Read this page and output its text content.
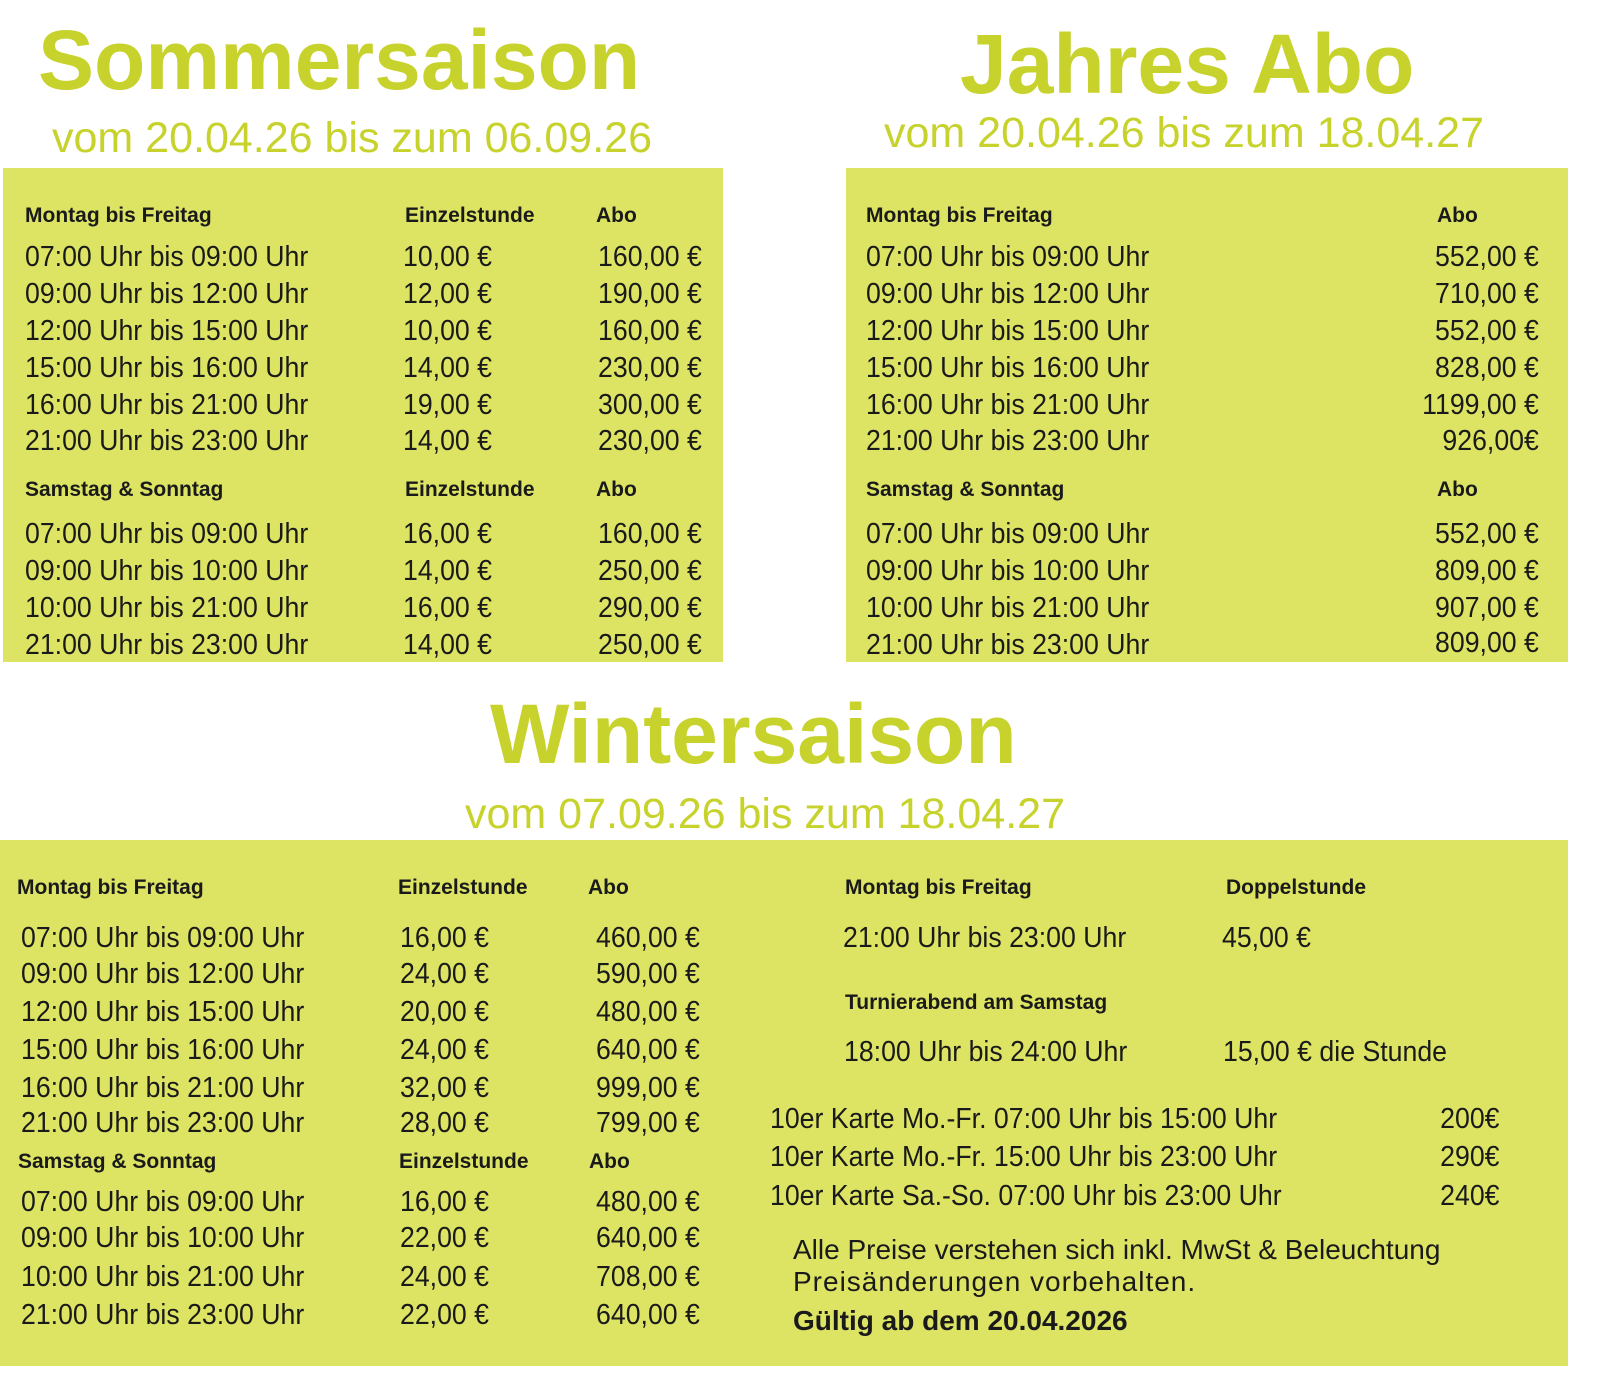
Sommersaison
vom 20.04.26 bis zum 06.09.26
Jahres Abo
vom 20.04.26 bis zum 18.04.27
Wintersaison
vom 07.09.26 bis zum 18.04.27
Montag bis Freitag	Einzelstunde	Abo
07:00 Uhr bis 09:00 Uhr	10,00 €	160,00 €
09:00 Uhr bis 12:00 Uhr	12,00 €	190,00 €
12:00 Uhr bis 15:00 Uhr	10,00 €	160,00 €
15:00 Uhr bis 16:00 Uhr	14,00 €	230,00 €
16:00 Uhr bis 21:00 Uhr	19,00 €	300,00 €
21:00 Uhr bis 23:00 Uhr	14,00 €	230,00 €
Samstag & Sonntag	Einzelstunde	Abo
07:00 Uhr bis 09:00 Uhr	16,00 €	160,00 €
09:00 Uhr bis 10:00 Uhr	14,00 €	250,00 €
10:00 Uhr bis 21:00 Uhr	16,00 €	290,00 €
21:00 Uhr bis 23:00 Uhr	14,00 €	250,00 €
Montag bis Freitag	Abo
07:00 Uhr bis 09:00 Uhr	552,00 €
09:00 Uhr bis 12:00 Uhr	710,00 €
12:00 Uhr bis 15:00 Uhr	552,00 €
15:00 Uhr bis 16:00 Uhr	828,00 €
16:00 Uhr bis 21:00 Uhr	1199,00 €
21:00 Uhr bis 23:00 Uhr	926,00€
Samstag & Sonntag	Abo
07:00 Uhr bis 09:00 Uhr	552,00 €
09:00 Uhr bis 10:00 Uhr	809,00 €
10:00 Uhr bis 21:00 Uhr	907,00 €
21:00 Uhr bis 23:00 Uhr	809,00 €
Montag bis Freitag	Einzelstunde	Abo
07:00 Uhr bis 09:00 Uhr	16,00 €	460,00 €
09:00 Uhr bis 12:00 Uhr	24,00 €	590,00 €
12:00 Uhr bis 15:00 Uhr	20,00 €	480,00 €
15:00 Uhr bis 16:00 Uhr	24,00 €	640,00 €
16:00 Uhr bis 21:00 Uhr	32,00 €	999,00 €
21:00 Uhr bis 23:00 Uhr	28,00 €	799,00 €
Samstag & Sonntag	Einzelstunde	Abo
07:00 Uhr bis 09:00 Uhr	16,00 €	480,00 €
09:00 Uhr bis 10:00 Uhr	22,00 €	640,00 €
10:00 Uhr bis 21:00 Uhr	24,00 €	708,00 €
21:00 Uhr bis 23:00 Uhr	22,00 €	640,00 €
Montag bis Freitag	Doppelstunde
21:00 Uhr bis 23:00 Uhr	45,00 €
Turnierabend am Samstag
18:00 Uhr bis 24:00 Uhr	15,00 € die Stunde
10er Karte Mo.-Fr. 07:00 Uhr bis 15:00 Uhr	200€
10er Karte Mo.-Fr. 15:00 Uhr bis 23:00 Uhr	290€
10er Karte Sa.-So. 07:00 Uhr bis 23:00 Uhr	240€
Alle Preise verstehen sich inkl. MwSt & Beleuchtung
Preisänderungen vorbehalten.
Gültig ab dem 20.04.2026
